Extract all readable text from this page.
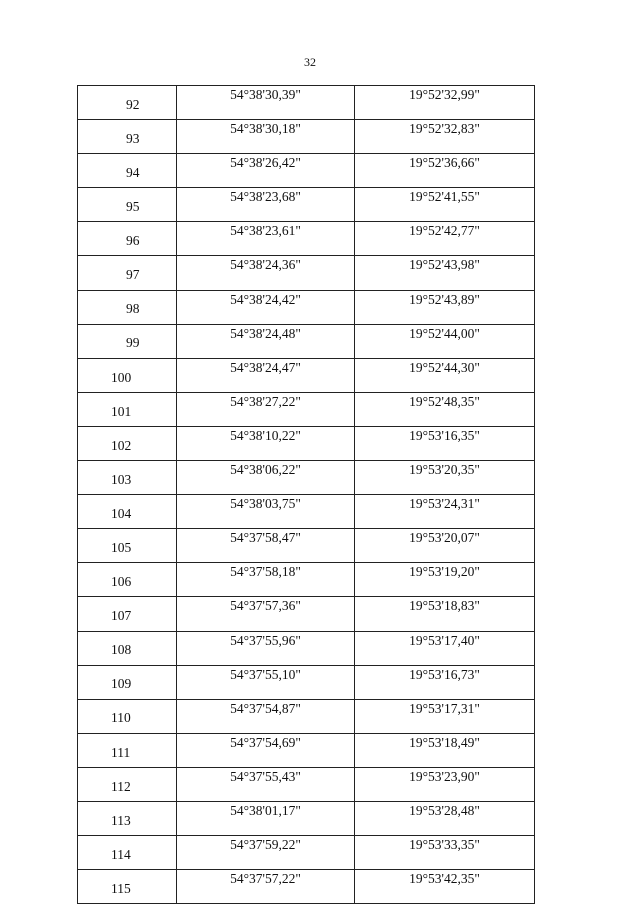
32
92	54°38'30,39"	19°52'32,99"
93	54°38'30,18"	19°52'32,83"
94	54°38'26,42"	19°52'36,66"
95	54°38'23,68"	19°52'41,55"
96	54°38'23,61"	19°52'42,77"
97	54°38'24,36"	19°52'43,98"
98	54°38'24,42"	19°52'43,89"
99	54°38'24,48"	19°52'44,00"
100	54°38'24,47"	19°52'44,30"
101	54°38'27,22"	19°52'48,35"
102	54°38'10,22"	19°53'16,35"
103	54°38'06,22"	19°53'20,35"
104	54°38'03,75"	19°53'24,31"
105	54°37'58,47"	19°53'20,07"
106	54°37'58,18"	19°53'19,20"
107	54°37'57,36"	19°53'18,83"
108	54°37'55,96"	19°53'17,40"
109	54°37'55,10"	19°53'16,73"
110	54°37'54,87"	19°53'17,31"
111	54°37'54,69"	19°53'18,49"
112	54°37'55,43"	19°53'23,90"
113	54°38'01,17"	19°53'28,48"
114	54°37'59,22"	19°53'33,35"
115	54°37'57,22"	19°53'42,35"
